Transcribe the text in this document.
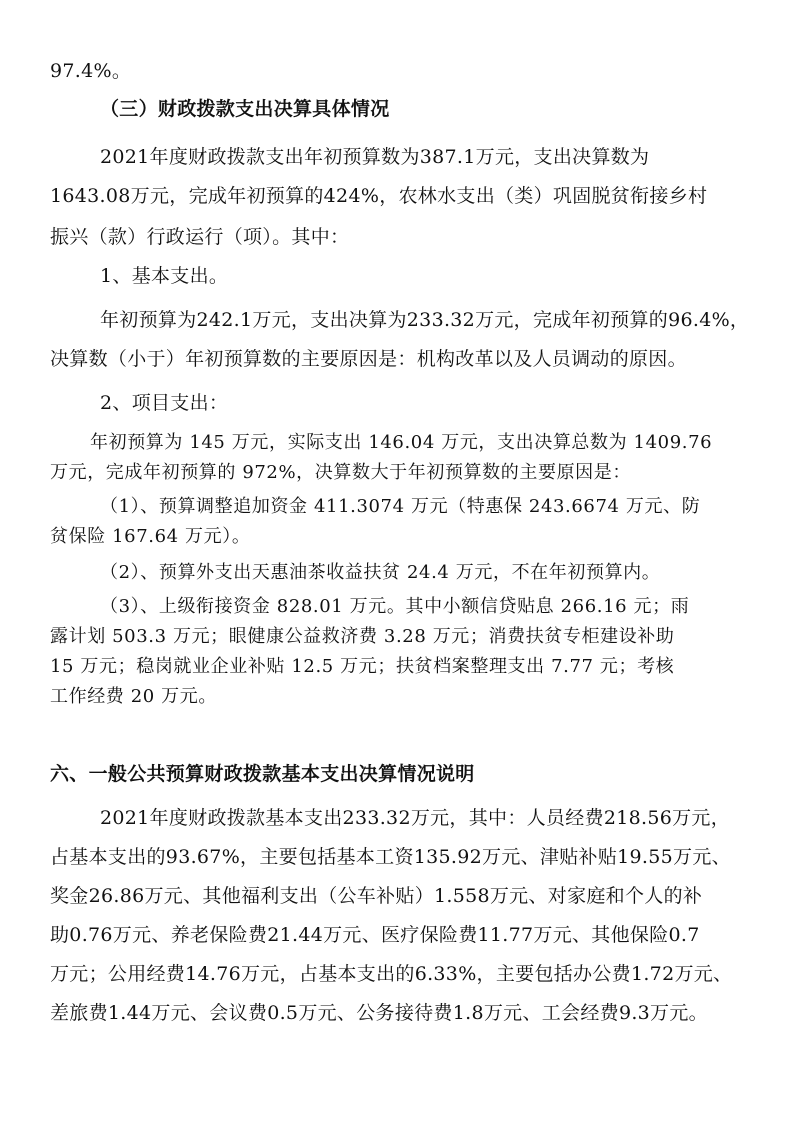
97.4%。
（三）财政拨款支出决算具体情况
2021年度财政拨款支出年初预算数为387.1万元，支出决算数为
1643.08万元，完成年初预算的424%，农林水支出（类）巩固脱贫衔接乡村
振兴（款）行政运行（项）。其中：
1、基本支出。
年初预算为242.1万元，支出决算为233.32万元，完成年初预算的96.4%，
决算数（小于）年初预算数的主要原因是：机构改革以及人员调动的原因。
2、项目支出：
年初预算为 145 万元，实际支出 146.04 万元，支出决算总数为 1409.76
万元，完成年初预算的 972%，决算数大于年初预算数的主要原因是：
（1）、预算调整追加资金 411.3074 万元（特惠保 243.6674 万元、防
贫保险 167.64 万元）。
（2）、预算外支出天惠油茶收益扶贫 24.4 万元，不在年初预算内。
（3）、上级衔接资金 828.01 万元。其中小额信贷贴息 266.16 元；雨
露计划 503.3 万元；眼健康公益救济费 3.28 万元；消费扶贫专柜建设补助
15 万元；稳岗就业企业补贴 12.5 万元；扶贫档案整理支出 7.77 元；考核
工作经费 20 万元。
六、一般公共预算财政拨款基本支出决算情况说明
2021年度财政拨款基本支出233.32万元，其中：人员经费218.56万元，
占基本支出的93.67%，主要包括基本工资135.92万元、津贴补贴19.55万元、
奖金26.86万元、其他福利支出（公车补贴）1.558万元、对家庭和个人的补
助0.76万元、养老保险费21.44万元、医疗保险费11.77万元、其他保险0.7
万元；公用经费14.76万元，占基本支出的6.33%，主要包括办公费1.72万元、
差旅费1.44万元、会议费0.5万元、公务接待费1.8万元、工会经费9.3万元。
